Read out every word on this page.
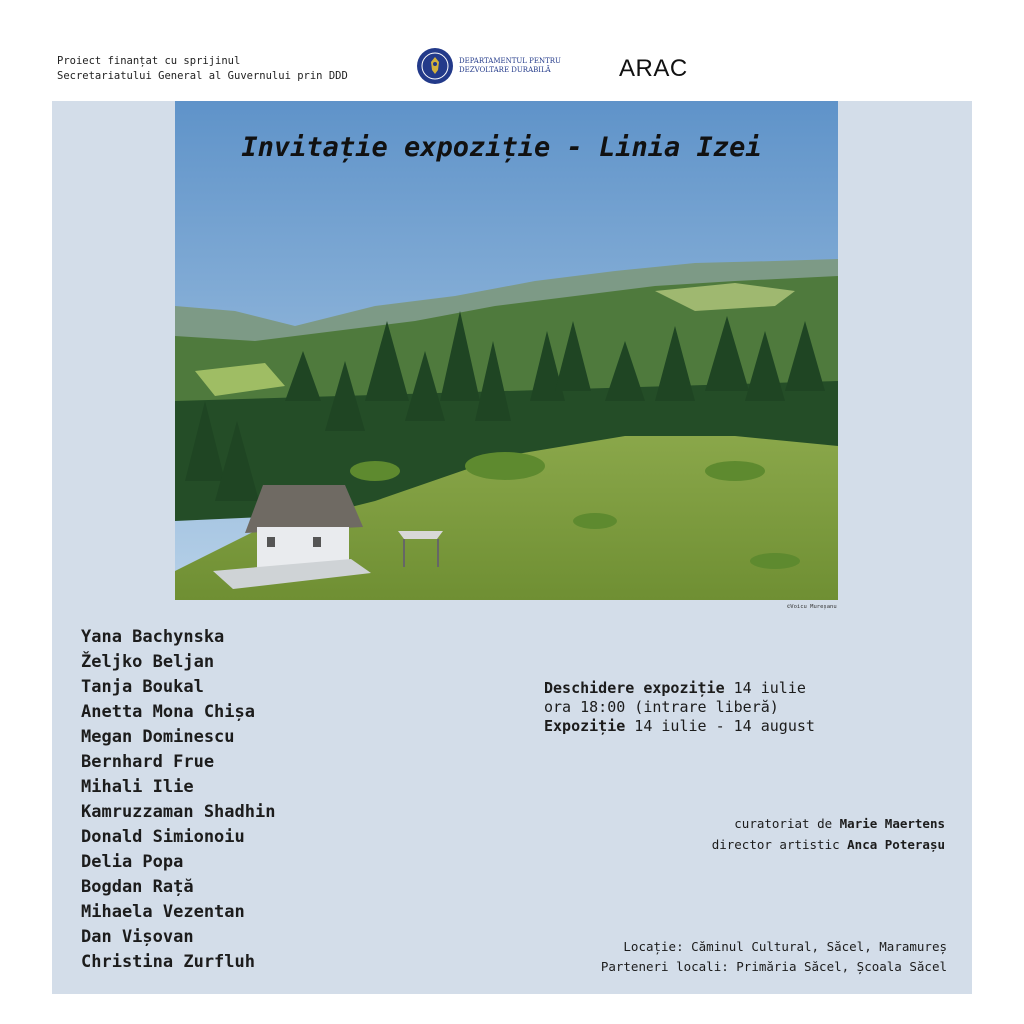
Proiect finanțat cu sprijinul
Secretariatului General al Guvernului prin DDD
DEPARTAMENTUL PENTRU
DEZVOLTARE DURABILĂ	ARAC
Invitație expoziție - Linia Izei
©Voicu Mureșanu
Yana Bachynska
Željko Beljan
Tanja Boukal
Anetta Mona Chișa
Megan Dominescu
Bernhard Frue
Mihali Ilie
Kamruzzaman Shadhin
Donald Simionoiu
Delia Popa
Bogdan Rață
Mihaela Vezentan
Dan Vișovan
Christina Zurfluh
Deschidere expoziție 14 iulie
ora 18:00 (intrare liberă)
Expoziție 14 iulie - 14 august
curatoriat de Marie Maertens
director artistic Anca Poterașu
Locație: Căminul Cultural, Săcel, Maramureș
Parteneri locali: Primăria Săcel, Școala Săcel
